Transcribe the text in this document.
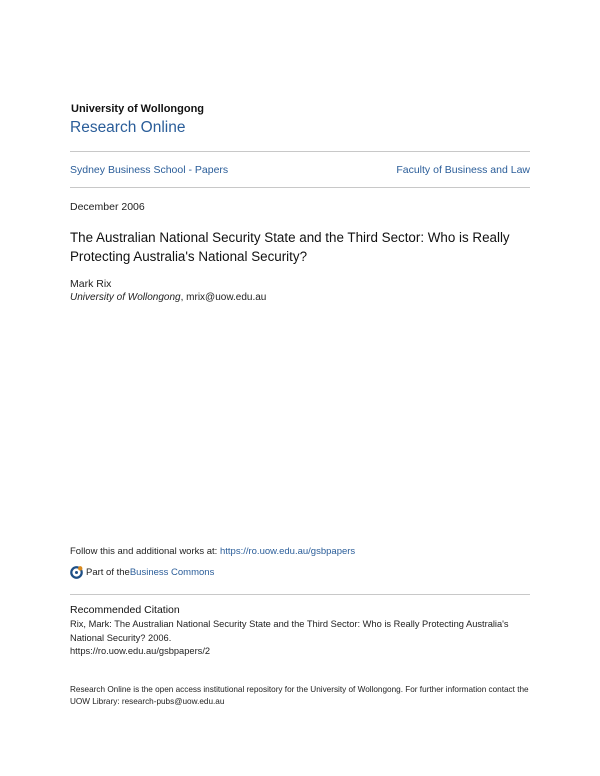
University of Wollongong
Research Online
Sydney Business School - Papers	Faculty of Business and Law
December 2006
The Australian National Security State and the Third Sector: Who is Really Protecting Australia's National Security?
Mark Rix
University of Wollongong, mrix@uow.edu.au
Follow this and additional works at: https://ro.uow.edu.au/gsbpapers
Part of the Business Commons
Recommended Citation
Rix, Mark: The Australian National Security State and the Third Sector: Who is Really Protecting Australia's National Security? 2006.
https://ro.uow.edu.au/gsbpapers/2
Research Online is the open access institutional repository for the University of Wollongong. For further information contact the UOW Library: research-pubs@uow.edu.au
